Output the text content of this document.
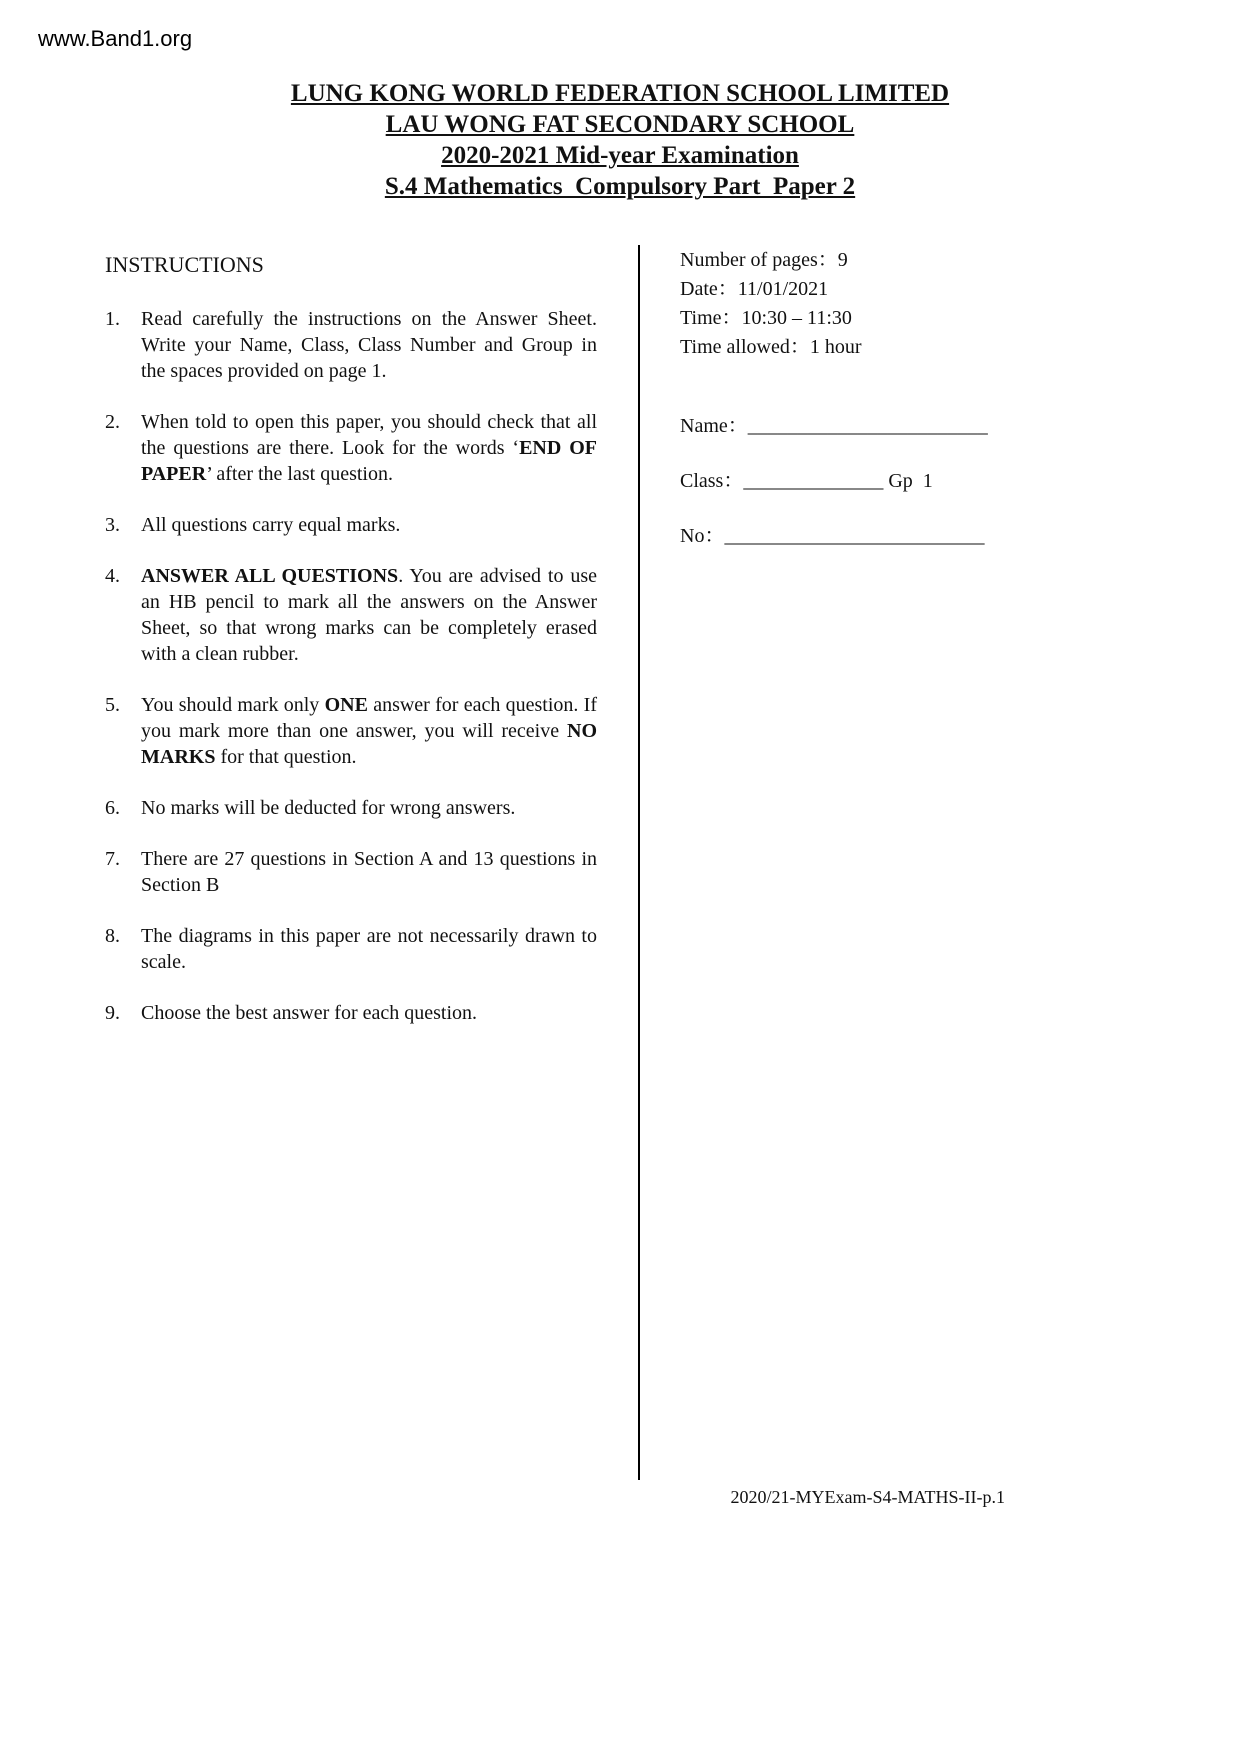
www.Band1.org
LUNG KONG WORLD FEDERATION SCHOOL LIMITED
LAU WONG FAT SECONDARY SCHOOL
2020-2021 Mid-year Examination
S.4 Mathematics  Compulsory Part  Paper 2
INSTRUCTIONS
1.	Read carefully the instructions on the Answer Sheet. Write your Name, Class, Class Number and Group in the spaces provided on page 1.
2.	When told to open this paper, you should check that all the questions are there. Look for the words ‘END OF PAPER’ after the last question.
3.	All questions carry equal marks.
4.	ANSWER ALL QUESTIONS. You are advised to use an HB pencil to mark all the answers on the Answer Sheet, so that wrong marks can be completely erased with a clean rubber.
5.	You should mark only ONE answer for each question. If you mark more than one answer, you will receive NO MARKS for that question.
6.	No marks will be deducted for wrong answers.
7.	There are 27 questions in Section A and 13 questions in Section B
8.	The diagrams in this paper are not necessarily drawn to scale.
9.	Choose the best answer for each question.
Number of pages：9
Date：11/01/2021
Time：10:30 – 11:30
Time allowed：1 hour
Name：________________________
Class：______________ Gp  1
No：__________________________
2020/21-MYExam-S4-MATHS-II-p.1
